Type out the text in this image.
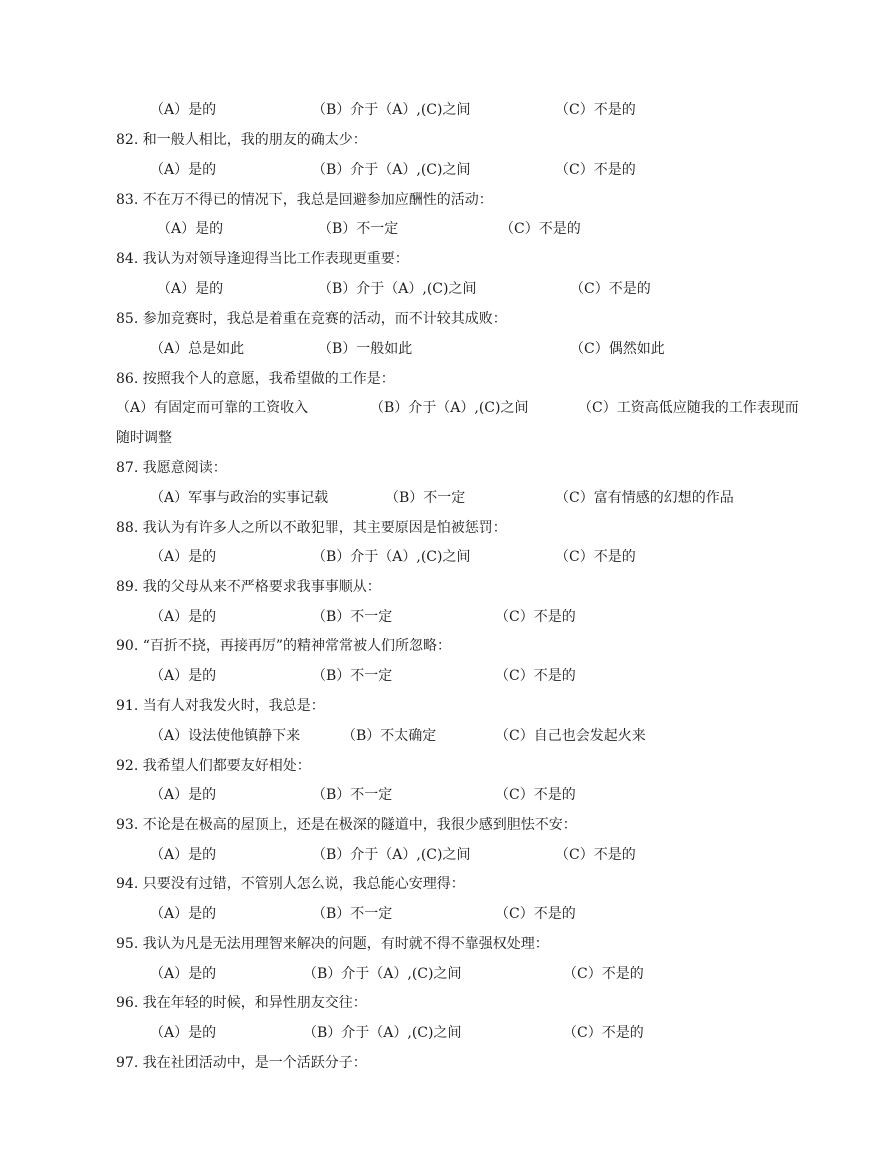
（A）是的	（B）介于（A）,(C)之间	（C）不是的
82. 和一般人相比，我的朋友的确太少：
（A）是的	（B）介于（A）,(C)之间	（C）不是的
83. 不在万不得已的情况下，我总是回避参加应酬性的活动：
（A）是的	（B）不一定	（C）不是的
84. 我认为对领导逢迎得当比工作表现更重要：
（A）是的	（B）介于（A）,(C)之间	（C）不是的
85. 参加竞赛时，我总是着重在竞赛的活动，而不计较其成败：
（A）总是如此	（B）一般如此	（C）偶然如此
86. 按照我个人的意愿，我希望做的工作是：
（A）有固定而可靠的工资收入	（B）介于（A）,(C)之间	（C）工资高低应随我的工作表现而
随时调整
87. 我愿意阅读：
（A）军事与政治的实事记载	（B）不一定	（C）富有情感的幻想的作品
88. 我认为有许多人之所以不敢犯罪，其主要原因是怕被惩罚：
（A）是的	（B）介于（A）,(C)之间	（C）不是的
89. 我的父母从来不严格要求我事事顺从：
（A）是的	（B）不一定	（C）不是的
90. “百折不挠，再接再厉”的精神常常被人们所忽略：
（A）是的	（B）不一定	（C）不是的
91. 当有人对我发火时，我总是：
（A）设法使他镇静下来	（B）不太确定	（C）自己也会发起火来
92. 我希望人们都要友好相处：
（A）是的	（B）不一定	（C）不是的
93. 不论是在极高的屋顶上，还是在极深的隧道中，我很少感到胆怯不安：
（A）是的	（B）介于（A）,(C)之间	（C）不是的
94. 只要没有过错，不管别人怎么说，我总能心安理得：
（A）是的	（B）不一定	（C）不是的
95. 我认为凡是无法用理智来解决的问题，有时就不得不靠强权处理：
（A）是的	（B）介于（A）,(C)之间	（C）不是的
96. 我在年轻的时候，和异性朋友交往：
（A）是的	（B）介于（A）,(C)之间	（C）不是的
97. 我在社团活动中，是一个活跃分子：
